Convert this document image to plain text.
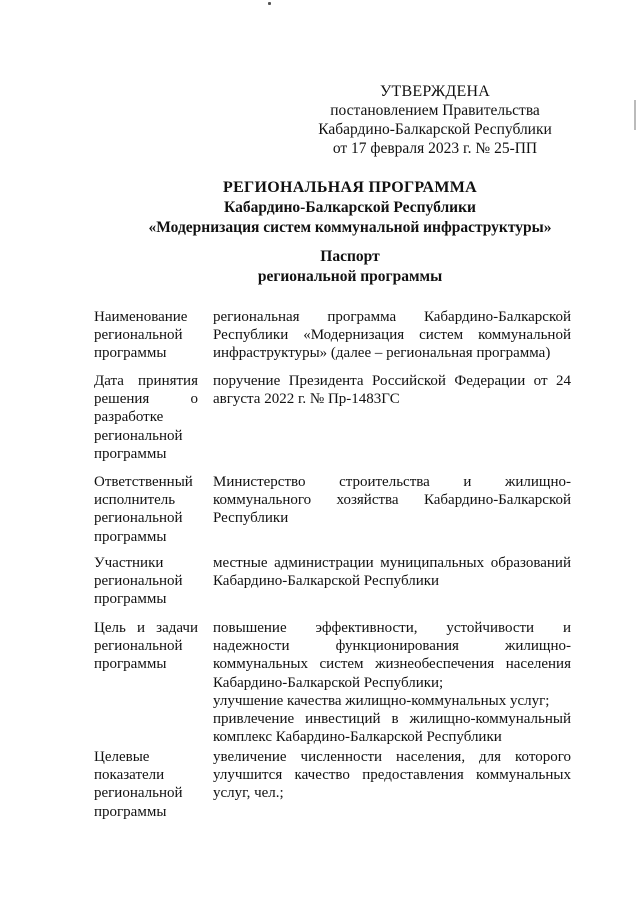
УТВЕРЖДЕНА
постановлением Правительства
Кабардино-Балкарской Республики
от 17 февраля 2023 г. № 25-ПП
РЕГИОНАЛЬНАЯ ПРОГРАММА
Кабардино-Балкарской Республики
«Модернизация систем коммунальной инфраструктуры»
Паспорт
региональной программы
Наименование региональной программы

региональная программа Кабардино-Балкарской Республики «Модернизация систем коммунальной инфраструктуры» (далее – региональная программа)

Дата принятия решения о разработке региональной программы

поручение Президента Российской Федерации от 24 августа 2022 г. № Пр-1483ГС

Ответственный исполнитель региональной программы

Министерство строительства и жилищно-коммунального хозяйства Кабардино-Балкарской Республики

Участники региональной программы

местные администрации муниципальных образований Кабардино-Балкарской Республики

Цель и задачи региональной программы

повышение эффективности, устойчивости и надежности функционирования жилищно-коммунальных систем жизнеобеспечения населения Кабардино-Балкарской Республики;

улучшение качества жилищно-коммунальных услуг;

привлечение инвестиций в жилищно-коммунальный комплекс Кабардино-Балкарской Республики

Целевые показатели региональной программы

увеличение численности населения, для которого улучшится качество предоставления коммунальных услуг, чел.;
